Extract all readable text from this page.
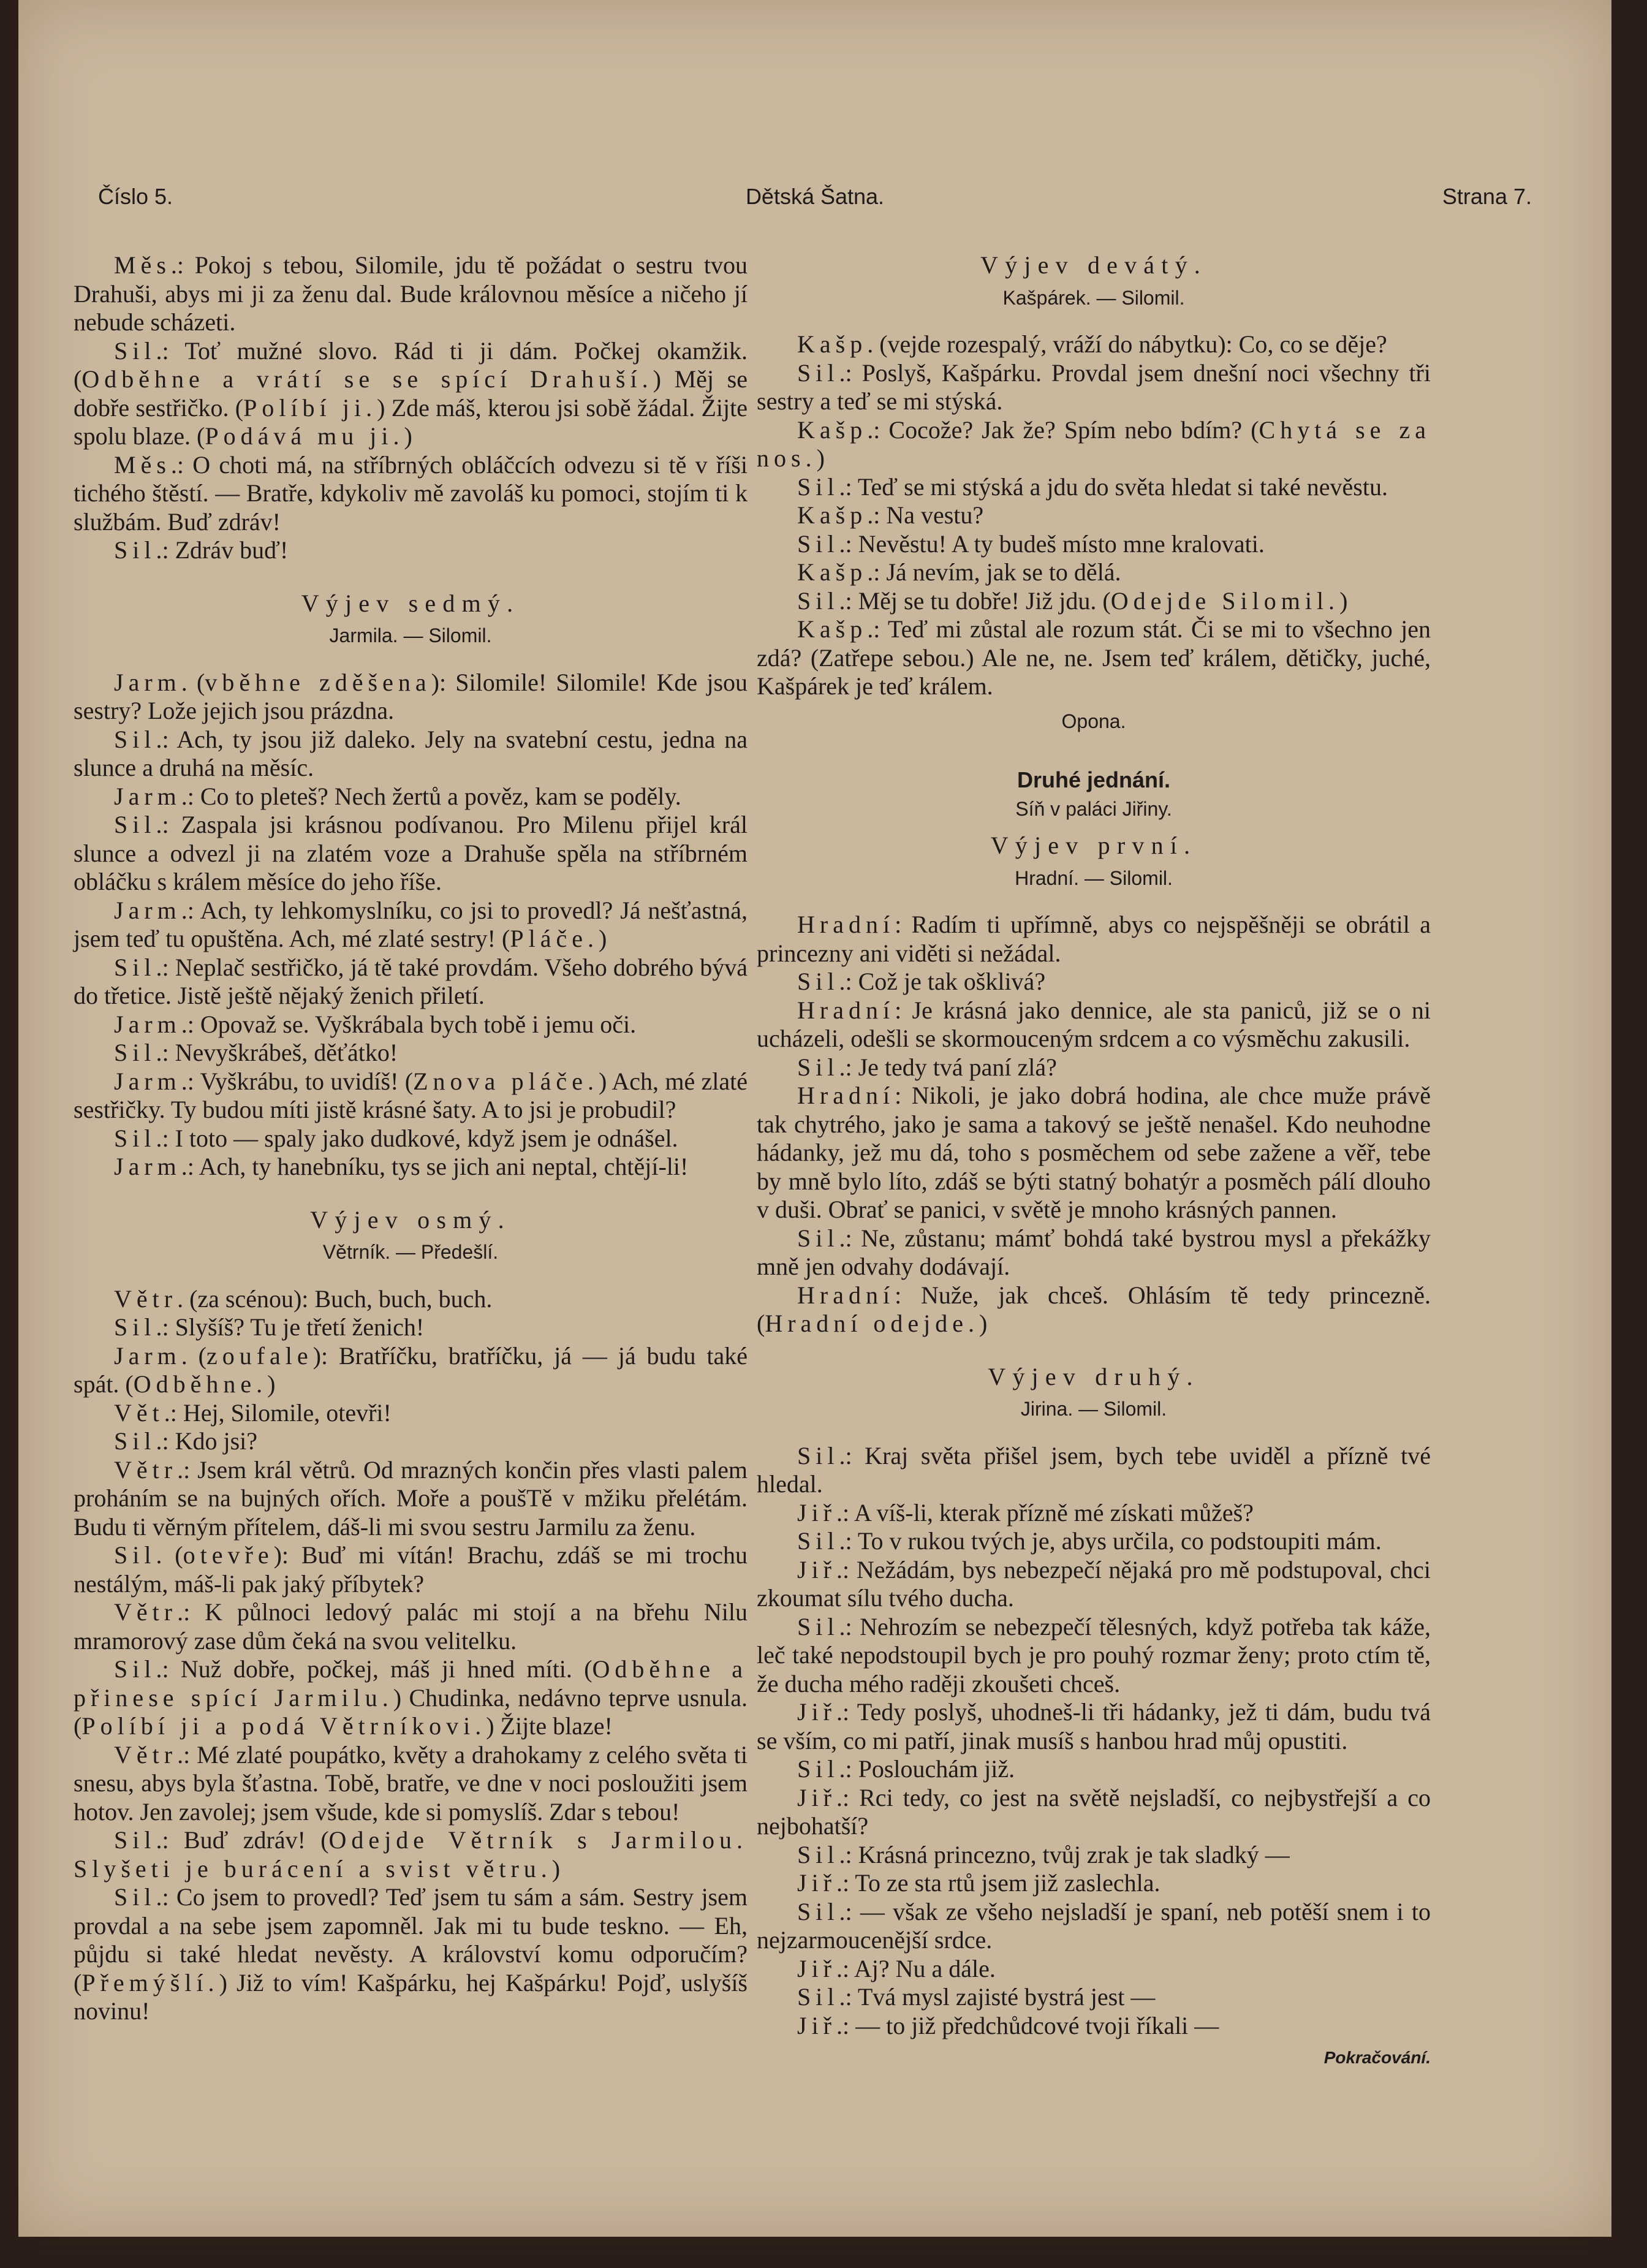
Číslo 5.	Dětská Šatna.	Strana 7.

Měs.: Pokoj s tebou, Silomile, jdu tě požádat o sestru tvou Drahuši, abys mi ji za ženu dal. Bude královnou měsíce a ničeho jí nebude scházeti.

Sil.: Toť mužné slovo. Rád ti ji dám. Počkej okamžik. (Odběhne a vrátí se se spící Drahuší.) Měj se dobře sestřičko. (Políbí ji.) Zde máš, kterou jsi sobě žádal. Žijte spolu blaze. (Podává mu ji.)

Měs.: O choti má, na stříbrných obláčcích odvezu si tě v říši tichého štěstí. — Bratře, kdykoliv mě zavoláš ku pomoci, stojím ti k službám. Buď zdráv!

Sil.: Zdráv buď!

Výjev sedmý.
Jarmila. — Silomil.

Jarm. (vběhne zděšena): Silomile! Silomile! Kde jsou sestry? Lože jejich jsou prázdna.

Sil.: Ach, ty jsou již daleko. Jely na svatební cestu, jedna na slunce a druhá na měsíc.

Jarm.: Co to pleteš? Nech žertů a pověz, kam se poděly.

Sil.: Zaspala jsi krásnou podívanou. Pro Milenu přijel král slunce a odvezl ji na zlatém voze a Drahuše spěla na stříbrném obláčku s králem měsíce do jeho říše.

Jarm.: Ach, ty lehkomyslníku, co jsi to provedl? Já nešťastná, jsem teď tu opuštěna. Ach, mé zlaté sestry! (Pláče.)

Sil.: Neplač sestřičko, já tě také provdám. Všeho dobrého bývá do třetice. Jistě ještě nějaký ženich přiletí.

Jarm.: Opovaž se. Vyškrábala bych tobě i jemu oči.

Sil.: Nevyškrábeš, děťátko!

Jarm.: Vyškrábu, to uvidíš! (Znova pláče.) Ach, mé zlaté sestřičky. Ty budou míti jistě krásné šaty. A to jsi je probudil?

Sil.: I toto — spaly jako dudkové, když jsem je odnášel.

Jarm.: Ach, ty hanebníku, tys se jich ani neptal, chtějí-li!

Výjev osmý.
Větrník. — Předešlí.

Větr. (za scénou): Buch, buch, buch.

Sil.: Slyšíš? Tu je třetí ženich!

Jarm. (zoufale): Bratříčku, bratříčku, já — já budu také spát. (Odběhne.)

Vět.: Hej, Silomile, otevři!

Sil.: Kdo jsi?

Větr.: Jsem král větrů. Od mrazných končin přes vlasti palem proháním se na bujných ořích. Moře a poušTě v mžiku přelétám. Budu ti věrným přítelem, dáš-li mi svou sestru Jarmilu za ženu.

Sil. (otevře): Buď mi vítán! Brachu, zdáš se mi trochu nestálým, máš-li pak jaký příbytek?

Větr.: K půlnoci ledový palác mi stojí a na břehu Nilu mramorový zase dům čeká na svou velitelku.

Sil.: Nuž dobře, počkej, máš ji hned míti. (Odběhne a přinese spící Jarmilu.) Chudinka, nedávno teprve usnula. (Políbí ji a podá Větrníkovi.) Žijte blaze!

Větr.: Mé zlaté poupátko, květy a drahokamy z celého světa ti snesu, abys byla šťastna. Tobě, bratře, ve dne v noci posloužiti jsem hotov. Jen zavolej; jsem všude, kde si pomyslíš. Zdar s tebou!

Sil.: Buď zdráv! (Odejde Větrník s Jarmilou. Slyšeti je burácení a svist větru.)

Sil.: Co jsem to provedl? Teď jsem tu sám a sám. Sestry jsem provdal a na sebe jsem zapomněl. Jak mi tu bude teskno. — Eh, půjdu si také hledat nevěsty. A království komu odporučím? (Přemýšlí.) Již to vím! Kašpárku, hej Kašpárku! Pojď, uslyšíš novinu!

Výjev devátý.
Kašpárek. — Silomil.

Kašp. (vejde rozespalý, vráží do nábytku): Co, co se děje?

Sil.: Poslyš, Kašpárku. Provdal jsem dnešní noci všechny tři sestry a teď se mi stýská.

Kašp.: Cocože? Jak že? Spím nebo bdím? (Chytá se za nos.)

Sil.: Teď se mi stýská a jdu do světa hledat si také nevěstu.

Kašp.: Na vestu?

Sil.: Nevěstu! A ty budeš místo mne kralovati.

Kašp.: Já nevím, jak se to dělá.

Sil.: Měj se tu dobře! Již jdu. (Odejde Silomil.)

Kašp.: Teď mi zůstal ale rozum stát. Či se mi to všechno jen zdá? (Zatřepe sebou.) Ale ne, ne. Jsem teď králem, dětičky, juché, Kašpárek je teď králem.

Opona.
Druhé jednání.
Síň v paláci Jiřiny.
Výjev první.
Hradní. — Silomil.

Hradní: Radím ti upřímně, abys co nejspěšněji se obrátil a princezny ani viděti si nežádal.

Sil.: Což je tak ošklivá?

Hradní: Je krásná jako dennice, ale sta paniců, již se o ni ucházeli, odešli se skormouceným srdcem a co výsměchu zakusili.

Sil.: Je tedy tvá paní zlá?

Hradní: Nikoli, je jako dobrá hodina, ale chce muže právě tak chytrého, jako je sama a takový se ještě nenašel. Kdo neuhodne hádanky, jež mu dá, toho s posměchem od sebe zažene a věř, tebe by mně bylo líto, zdáš se býti statný bohatýr a posměch pálí dlouho v duši. Obrať se panici, v světě je mnoho krásných pannen.

Sil.: Ne, zůstanu; mámť bohdá také bystrou mysl a překážky mně jen odvahy dodávají.

Hradní: Nuže, jak chceš. Ohlásím tě tedy princezně. (Hradní odejde.)

Výjev druhý.
Jirina. — Silomil.

Sil.: Kraj světa přišel jsem, bych tebe uviděl a přízně tvé hledal.

Jiř.: A víš-li, kterak přízně mé získati můžeš?

Sil.: To v rukou tvých je, abys určila, co podstoupiti mám.

Jiř.: Nežádám, bys nebezpečí nějaká pro mě podstupoval, chci zkoumat sílu tvého ducha.

Sil.: Nehrozím se nebezpečí tělesných, když potřeba tak káže, leč také nepodstoupil bych je pro pouhý rozmar ženy; proto ctím tě, že ducha mého raději zkoušeti chceš.

Jiř.: Tedy poslyš, uhodneš-li tři hádanky, jež ti dám, budu tvá se vším, co mi patří, jinak musíš s hanbou hrad můj opustiti.

Sil.: Poslouchám již.

Jiř.: Rci tedy, co jest na světě nejsladší, co nejbystřejší a co nejbohatší?

Sil.: Krásná princezno, tvůj zrak je tak sladký —

Jiř.: To ze sta rtů jsem již zaslechla.

Sil.: — však ze všeho nejsladší je spaní, neb potěší snem i to nejzarmoucenější srdce.

Jiř.: Aj? Nu a dále.

Sil.: Tvá mysl zajisté bystrá jest —

Jiř.: — to již předchůdcové tvoji říkali —

Pokračování.
